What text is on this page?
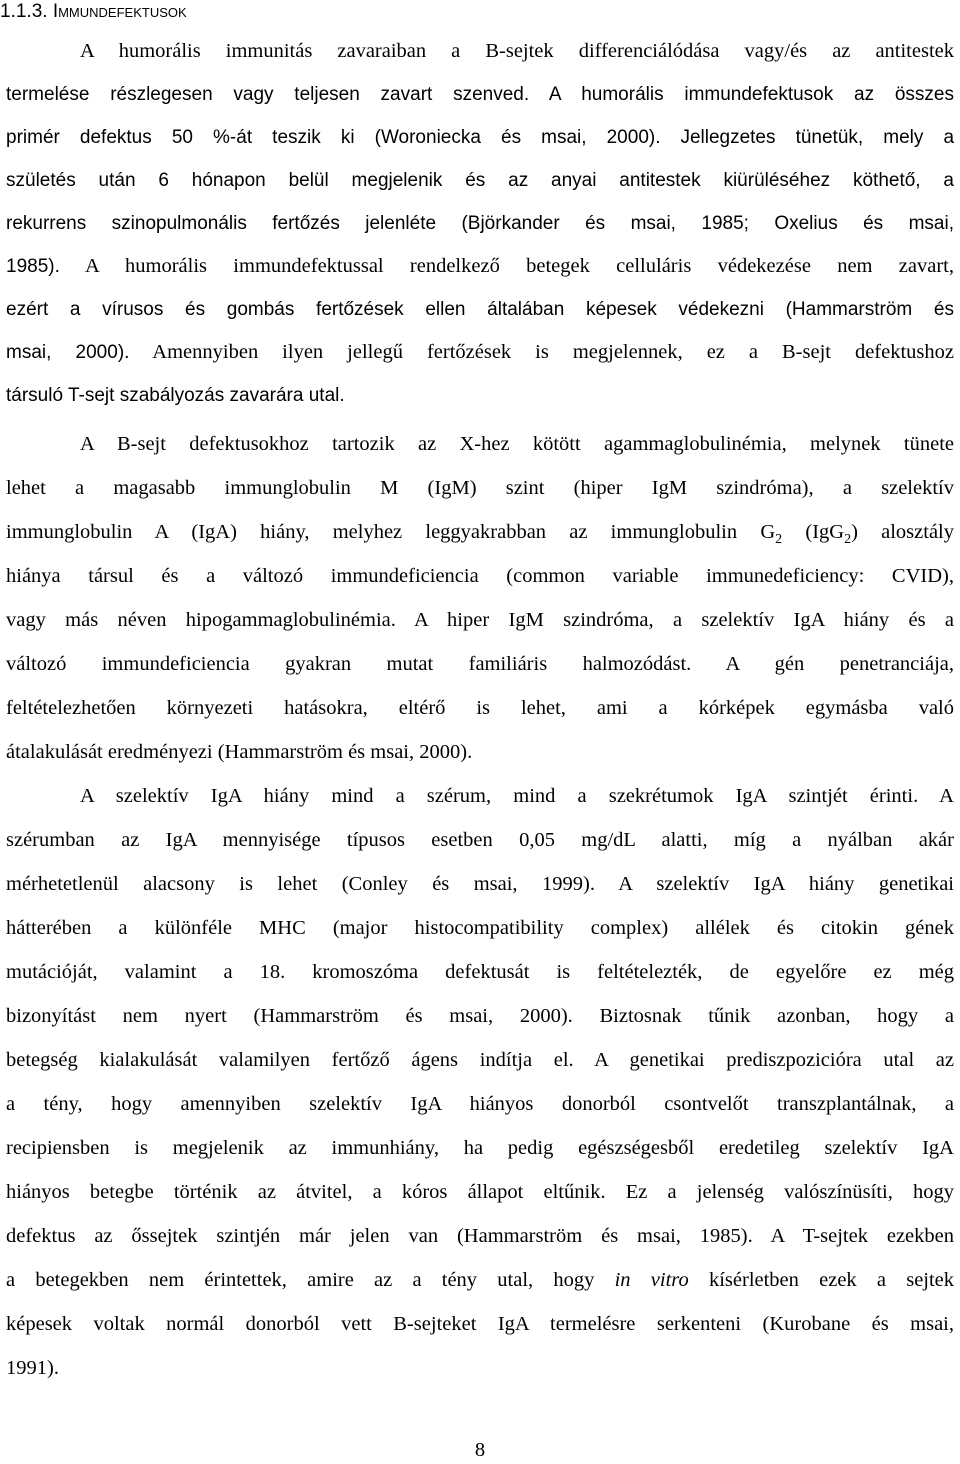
1.1.3. Immundefektusok
A humorális immunitás zavaraiban a B-sejtek differenciálódása vagy/és az antitestek
termelése részlegesen vagy teljesen zavart szenved. A humorális immundefektusok az összes
primér defektus 50 %-át teszik ki (Woroniecka és msai, 2000). Jellegzetes tünetük, mely a
születés után 6 hónapon belül megjelenik és az anyai antitestek kiürüléséhez köthető, a
rekurrens szinopulmonális fertőzés jelenléte (Björkander és msai, 1985; Oxelius és msai,
1985). A humorális immundefektussal rendelkező betegek celluláris védekezése nem zavart,
ezért a vírusos és gombás fertőzések ellen általában képesek védekezni (Hammarström és
msai, 2000). Amennyiben ilyen jellegű fertőzések is megjelennek, ez a B-sejt defektushoz
társuló T-sejt szabályozás zavarára utal.
A B-sejt defektusokhoz tartozik az X-hez kötött agammaglobulinémia, melynek tünete
lehet a magasabb immunglobulin M (IgM) szint (hiper IgM szindróma), a szelektív
immunglobulin A (IgA) hiány, melyhez leggyakrabban az immunglobulin $G_2$ (IgG$_2$) alosztály
hiánya társul és a változó immundeficiencia (common variable immunedeficiency: CVID),
vagy más néven hipogammaglobulinémia. A hiper IgM szindróma, a szelektív IgA hiány és a
változó immundeficiencia gyakran mutat familiáris halmozódást. A gén penetranciája,
feltételezhetően környezeti hatásokra, eltérő is lehet, ami a kórképek egymásba való
átalakulását eredményezi (Hammarström és msai, 2000).
A szelektív IgA hiány mind a szérum, mind a szekrétumok IgA szintjét érinti. A
szérumban az IgA mennyisége típusos esetben 0,05 mg/dL alatti, míg a nyálban akár
mérhetetlenül alacsony is lehet (Conley és msai, 1999). A szelektív IgA hiány genetikai
hátterében a különféle MHC (major histocompatibility complex) allélek és citokin gének
mutációját, valamint a 18. kromoszóma defektusát is feltételezték, de egyelőre ez még
bizonyítást nem nyert (Hammarström és msai, 2000). Biztosnak tűnik azonban, hogy a
betegség kialakulását valamilyen fertőző ágens indítja el. A genetikai prediszpozicióra utal az
a tény, hogy amennyiben szelektív IgA hiányos donorból csontvelőt transzplantálnak, a
recipiensben is megjelenik az immunhiány, ha pedig egészségesből eredetileg szelektív IgA
hiányos betegbe történik az átvitel, a kóros állapot eltűnik. Ez a jelenség valószínüsíti, hogy
defektus az őssejtek szintjén már jelen van (Hammarström és msai, 1985). A T-sejtek ezekben
a betegekben nem érintettek, amire az a tény utal, hogy in vitro kísérletben ezek a sejtek
képesek voltak normál donorból vett B-sejteket IgA termelésre serkenteni (Kurobane és msai,
1991).
8
